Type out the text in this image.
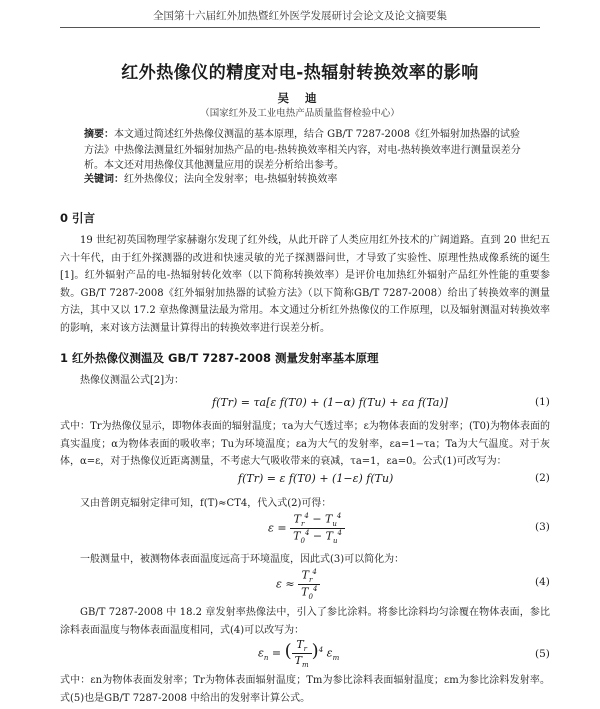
全国第十六届红外加热暨红外医学发展研讨会论文及论文摘要集
红外热像仪的精度对电-热辐射转换效率的影响
吴 迪
（国家红外及工业电热产品质量监督检验中心）
摘要：本文通过简述红外热像仪测温的基本原理，结合 GB/T 7287-2008《红外辐射加热器的试验方法》中热像法测量红外辐射加热产品的电-热转换效率相关内容，对电-热转换效率进行测量误差分析。本文还对用热像仪其他测量应用的误差分析给出参考。
关键词：红外热像仪；法向全发射率；电-热辐射转换效率
0 引言
19 世纪初英国物理学家赫谢尔发现了红外线，从此开辟了人类应用红外技术的广阔道路。直到 20 世纪五六十年代，由于红外探测器的改进和快速灵敏的光子探测器问世，才导致了实验性、原理性热成像系统的诞生[1]。红外辐射产品的电-热辐射转化效率（以下简称转换效率）是评价电加热红外辐射产品红外性能的重要参数。GB/T 7287-2008《红外辐射加热器的试验方法》（以下简称GB/T 7287-2008）给出了转换效率的测量方法，其中又以 17.2 章热像测量法最为常用。本文通过分析红外热像仪的工作原理，以及辐射测温对转换效率的影响，来对该方法测量计算得出的转换效率进行误差分析。
1 红外热像仪测温及 GB/T 7287-2008 测量发射率基本原理
热像仪测温公式[2]为：
f(Tr) = τa[ε f(T0) + (1−α) f(Tu) + εa f(Ta)]	(1)
式中：Tr为热像仪显示，即物体表面的辐射温度；τa为大气透过率；ε为物体表面的发射率；(T0)为物体表面的真实温度；α为物体表面的吸收率；Tu为环境温度；εa为大气的发射率，εa=1−τa；Ta为大气温度。对于灰体，α=ε，对于热像仪近距离测量，不考虑大气吸收带来的衰减，τa=1，εa=0。公式(1)可改写为：
f(Tr) = ε f(T0) + (1−ε) f(Tu)	(2)
又由普朗克辐射定律可知，f(T)≈CT4，代入式(2)可得：
$\varepsilon = \frac{T_r^4 - T_u^4}{T_0^4 - T_u^4}$	(3)
一般测量中，被测物体表面温度远高于环境温度，因此式(3)可以简化为：
$\varepsilon \approx \frac{T_r^4}{T_0^4}$	(4)
GB/T 7287-2008 中 18.2 章发射率热像法中，引入了参比涂料。将参比涂料均匀涂覆在物体表面，参比涂料表面温度与物体表面温度相同，式(4)可以改写为：
$\varepsilon_n$ = ( $\frac{T_r}{T_m} )^4$ $\varepsilon_m$	(5)
式中：εn为物体表面发射率；Tr为物体表面辐射温度；Tm为参比涂料表面辐射温度；εm为参比涂料发射率。式(5)也是GB/T 7287-2008 中给出的发射率计算公式。
